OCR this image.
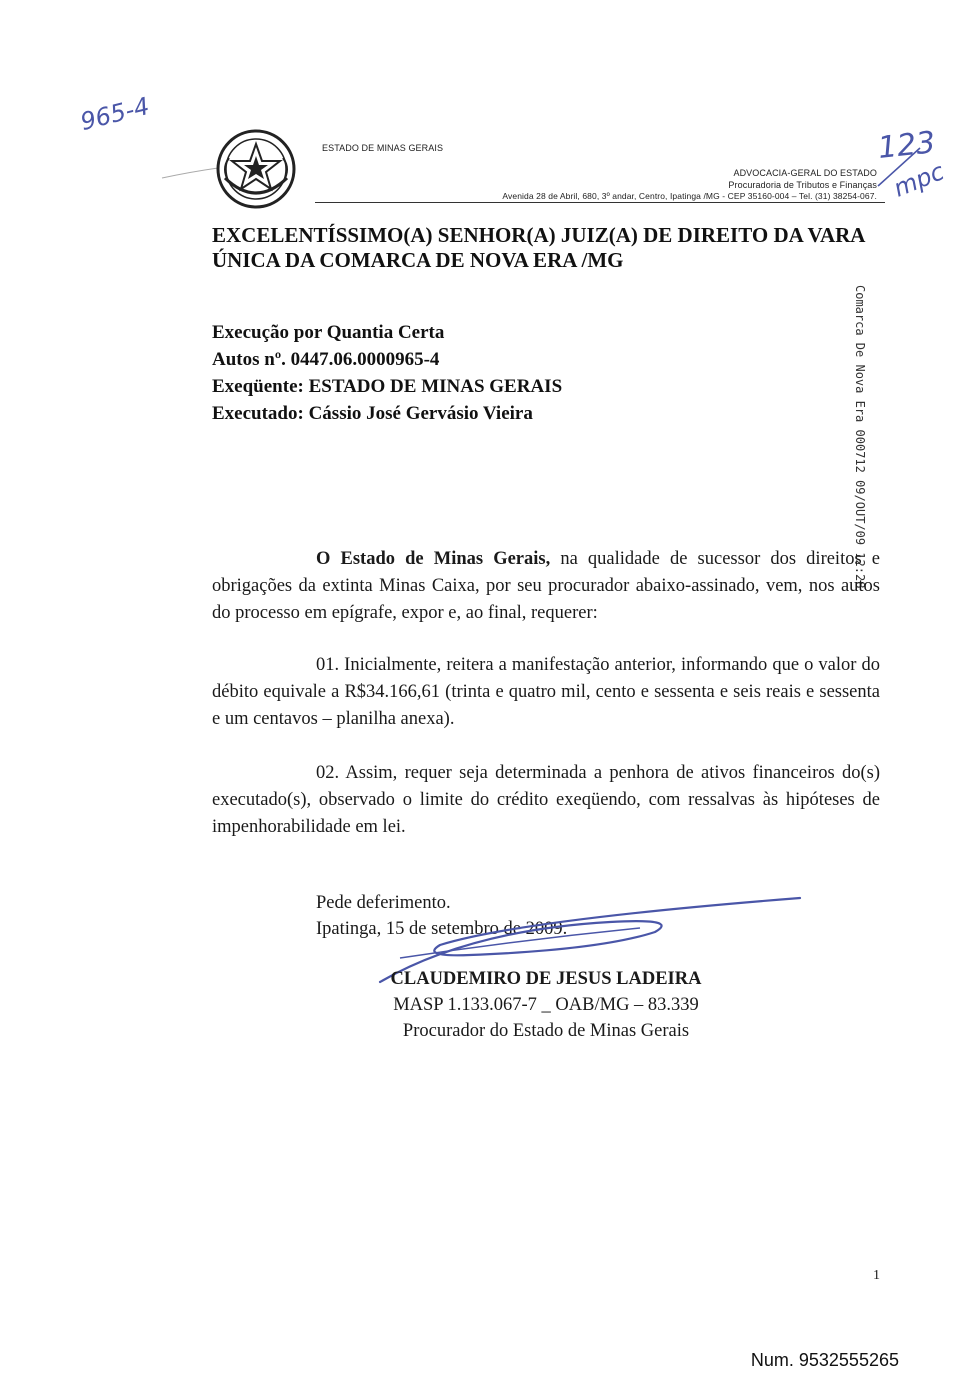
965-4
123
mpc
ESTADO DE MINAS GERAIS
ADVOCACIA-GERAL DO ESTADO
Procuradoria de Tributos e Finanças
Avenida 28 de Abril, 680, 3º andar, Centro, Ipatinga /MG - CEP 35160-004 – Tel. (31) 38254-067.
EXCELENTÍSSIMO(A) SENHOR(A) JUIZ(A) DE DIREITO DA VARA
ÚNICA DA COMARCA DE NOVA ERA /MG
Execução por Quantia Certa
Autos nº. 0447.06.0000965-4
Exeqüente: ESTADO DE MINAS GERAIS
Executado: Cássio José Gervásio Vieira	Comarca De Nova Era 000712 09/OUT/09 12:28
O Estado de Minas Gerais, na qualidade de sucessor dos direitos e obrigações da extinta Minas Caixa, por seu procurador abaixo-assinado, vem, nos autos do processo em epígrafe, expor e, ao final, requerer:
01. Inicialmente, reitera a manifestação anterior, informando que o valor do débito equivale a R$34.166,61 (trinta e quatro mil, cento e sessenta e seis reais e sessenta e um centavos – planilha anexa).
02. Assim, requer seja determinada a penhora de ativos financeiros do(s) executado(s), observado o limite do crédito exeqüendo, com ressalvas às hipóteses de impenhorabilidade em lei.
Pede deferimento.
Ipatinga, 15 de setembro de 2009.
CLAUDEMIRO DE JESUS LADEIRA
MASP 1.133.067-7 _ OAB/MG – 83.339
Procurador do Estado de Minas Gerais
1
Num. 9532555265
